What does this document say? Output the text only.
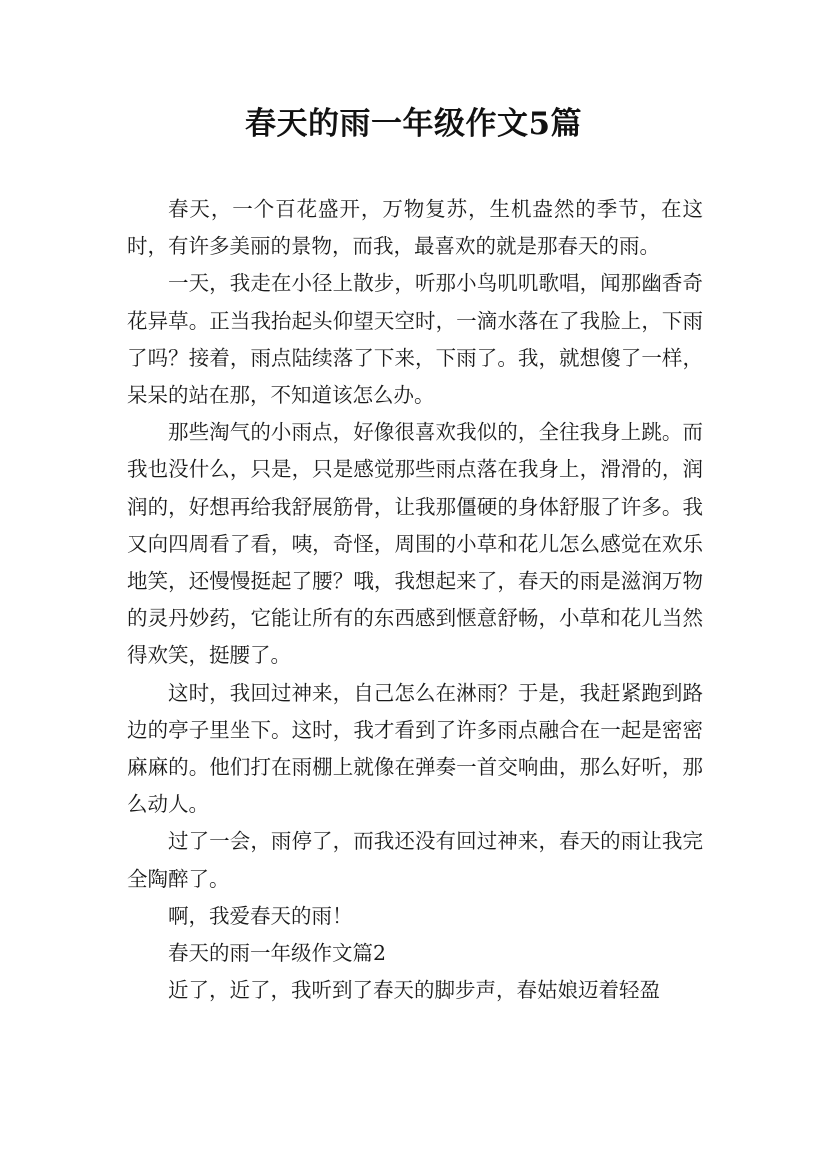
春天的雨一年级作文5篇

春天，一个百花盛开，万物复苏，生机盎然的季节，在这时，有许多美丽的景物，而我，最喜欢的就是那春天的雨。

一天，我走在小径上散步，听那小鸟叽叽歌唱，闻那幽香奇花异草。正当我抬起头仰望天空时，一滴水落在了我脸上，下雨了吗？接着，雨点陆续落了下来，下雨了。我，就想傻了一样，呆呆的站在那，不知道该怎么办。

那些淘气的小雨点，好像很喜欢我似的，全往我身上跳。而我也没什么，只是，只是感觉那些雨点落在我身上，滑滑的，润润的，好想再给我舒展筋骨，让我那僵硬的身体舒服了许多。我又向四周看了看，咦，奇怪，周围的小草和花儿怎么感觉在欢乐地笑，还慢慢挺起了腰？哦，我想起来了，春天的雨是滋润万物的灵丹妙药，它能让所有的东西感到惬意舒畅，小草和花儿当然得欢笑，挺腰了。

这时，我回过神来，自己怎么在淋雨？于是，我赶紧跑到路边的亭子里坐下。这时，我才看到了许多雨点融合在一起是密密麻麻的。他们打在雨棚上就像在弹奏一首交响曲，那么好听，那么动人。

过了一会，雨停了，而我还没有回过神来，春天的雨让我完全陶醉了。

啊，我爱春天的雨！

春天的雨一年级作文篇2

近了，近了，我听到了春天的脚步声，春姑娘迈着轻盈
